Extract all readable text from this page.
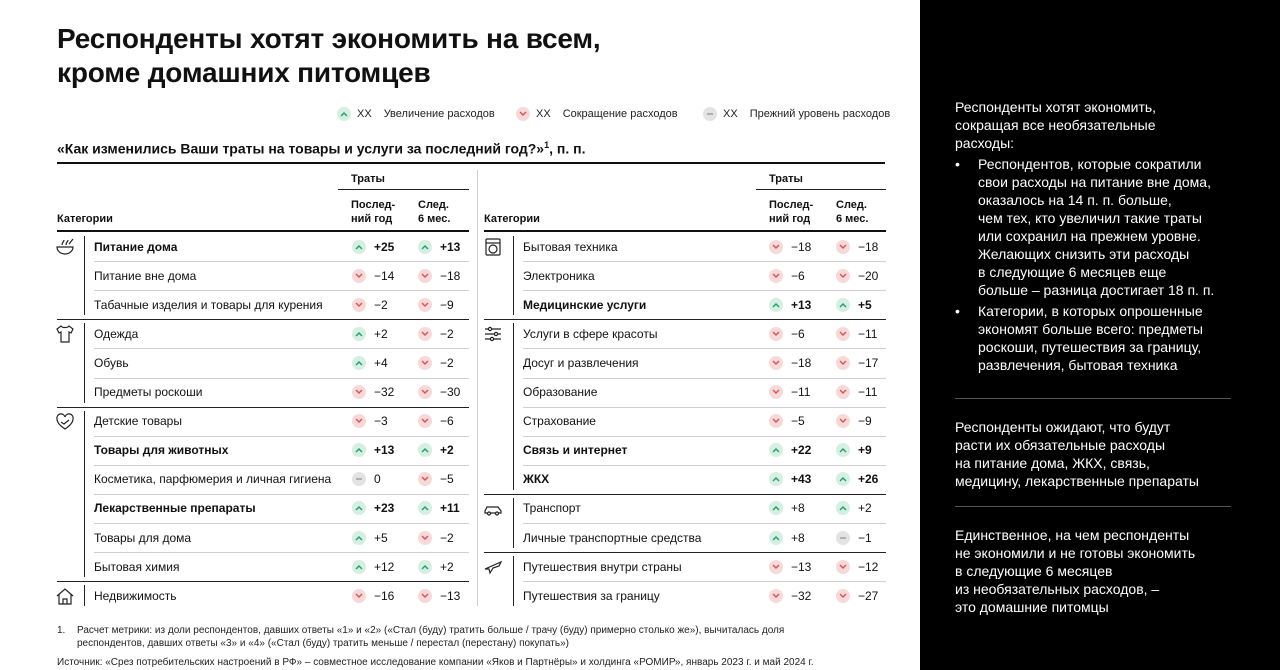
Респонденты хотят экономить на всем,
кроме домашних питомцев
XX Увеличение расходов	XX Сокращение расходов	XX Прежний уровень расходов
«Как изменились Ваши траты на товары и услуги за последний год?»$^1$, п. п.
Траты
Послед-
ний год
След.
6 мес.
Категории
Траты
Послед-
ний год
След.
6 мес.
Категории
Питание дома	+25	+13
Питание вне дома	−14	−18
Табачные изделия и товары для курения	−2	−9
Одежда	+2	−2
Обувь	+4	−2
Предметы роскоши	−32	−30
Детские товары	−3	−6
Товары для животных	+13	+2
Косметика, парфюмерия и личная гигиена	0	−5
Лекарственные препараты	+23	+11
Товары для дома	+5	−2
Бытовая химия	+12	+2
Недвижимость	−16	−13
Бытовая техника	−18	−18
Электроника	−6	−20
Медицинские услуги	+13	+5
Услуги в сфере красоты	−6	−11
Досуг и развлечения	−18	−17
Образование	−11	−11
Страхование	−5	−9
Связь и интернет	+22	+9
ЖКХ	+43	+26
Транспорт	+8	+2
Личные транспортные средства	+8	−1
Путешествия внутри страны	−13	−12
Путешествия за границу	−32	−27
1. Расчет метрики: из доли респондентов, давших ответы «1» и «2» («Стал (буду) тратить больше / трачу (буду) примерно столько же»), вычиталась доля
респондентов, давших ответы «3» и «4» («Стал (буду) тратить меньше / перестал (перестану) покупать»)
Источник: «Срез потребительских настроений в РФ» – совместное исследование компании «Яков и Партнёры» и холдинга «РОМИР», январь 2023 г. и май 2024 г.
Респонденты хотят экономить,
сокращая все необязательные
расходы:
• Респондентов, которые сократили
свои расходы на питание вне дома,
оказалось на 14 п. п. больше,
чем тех, кто увеличил такие траты
или сохранил на прежнем уровне.
Желающих снизить эти расходы
в следующие 6 месяцев еще
больше – разница достигает 18 п. п.
• Категории, в которых опрошенные
экономят больше всего: предметы
роскоши, путешествия за границу,
развлечения, бытовая техника
Респонденты ожидают, что будут
расти их обязательные расходы
на питание дома, ЖКХ, связь,
медицину, лекарственные препараты
Единственное, на чем респонденты
не экономили и не готовы экономить
в следующие 6 месяцев
из необязательных расходов, –
это домашние питомцы
